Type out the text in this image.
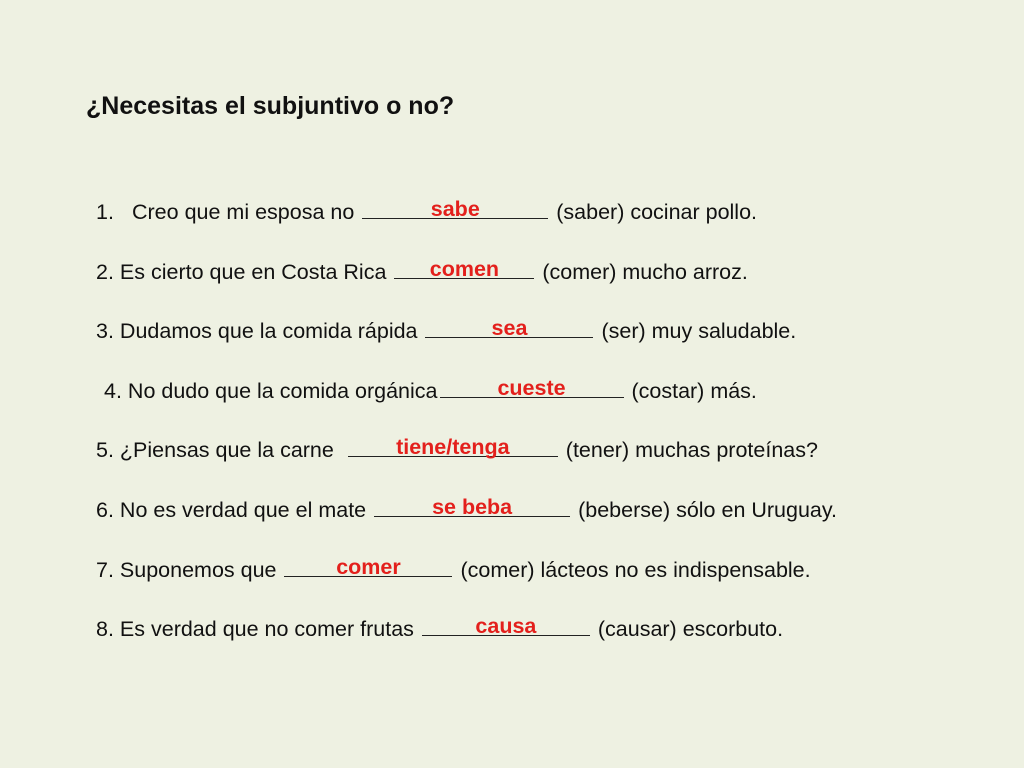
¿Necesitas el subjuntivo o no?
1. Creo que mi esposa no	sabe	(saber) cocinar pollo.
2. Es cierto que en Costa Rica	comen	(comer) mucho arroz.
3. Dudamos que la comida rápida	sea	(ser) muy saludable.
4. No dudo que la comida orgánica	cueste	(costar) más.
5. ¿Piensas que la carne	tiene/tenga	(tener) muchas proteínas?
6. No es verdad que el mate	se beba	(beberse) sólo en Uruguay.
7. Suponemos que	comer	(comer) lácteos no es indispensable.
8. Es verdad que no comer frutas	causa	(causar) escorbuto.
